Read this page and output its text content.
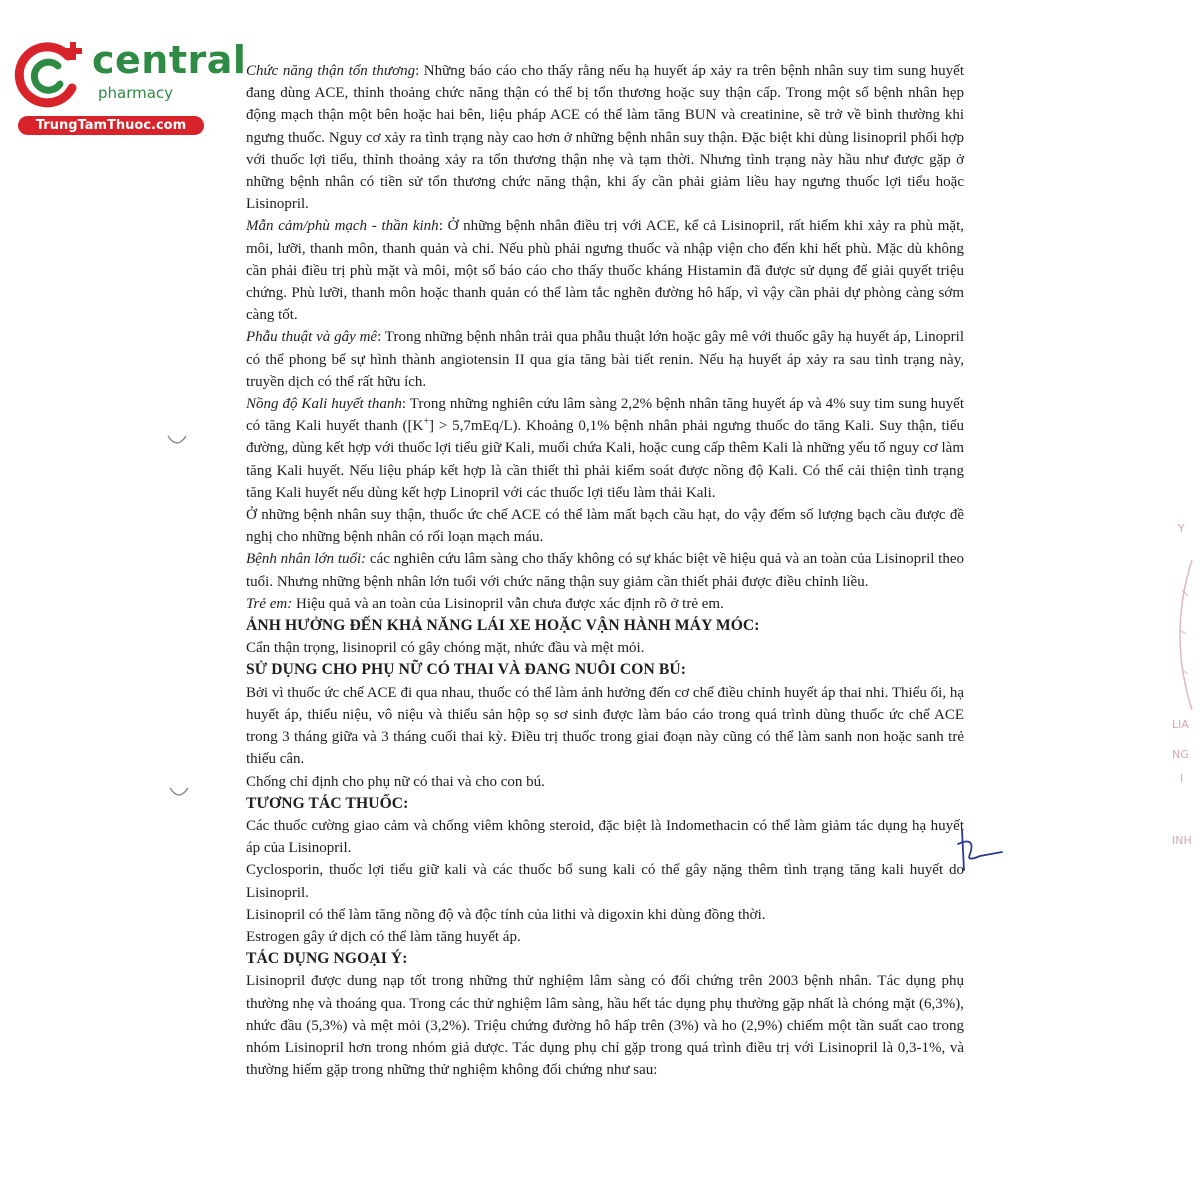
central
pharmacy
TrungTamThuoc.com

Chức năng thận tổn thương: Những báo cáo cho thấy rằng nếu hạ huyết áp xảy ra trên bệnh nhân suy tim sung huyết đang dùng ACE, thỉnh thoảng chức năng thận có thể bị tổn thương hoặc suy thận cấp. Trong một số bệnh nhân hẹp động mạch thận một bên hoặc hai bên, liệu pháp ACE có thể làm tăng BUN và creatinine, sẽ trở về bình thường khi ngưng thuốc. Nguy cơ xảy ra tình trạng này cao hơn ở những bệnh nhân suy thận. Đặc biệt khi dùng lisinopril phối hợp với thuốc lợi tiểu, thỉnh thoảng xảy ra tổn thương thận nhẹ và tạm thời. Nhưng tình trạng này hầu như được gặp ở những bệnh nhân có tiền sử tổn thương chức năng thận, khi ấy cần phải giảm liều hay ngưng thuốc lợi tiểu hoặc Lisinopril.

Mẫn cảm/phù mạch - thần kinh: Ở những bệnh nhân điều trị với ACE, kể cả Lisinopril, rất hiếm khi xảy ra phù mặt, môi, lưỡi, thanh môn, thanh quản và chi. Nếu phù phải ngưng thuốc và nhập viện cho đến khi hết phù. Mặc dù không cần phải điều trị phù mặt và môi, một số báo cáo cho thấy thuốc kháng Histamin đã được sử dụng để giải quyết triệu chứng. Phù lưỡi, thanh môn hoặc thanh quản có thể làm tắc nghẽn đường hô hấp, vì vậy cần phải dự phòng càng sớm càng tốt.

Phẫu thuật và gây mê: Trong những bệnh nhân trải qua phẫu thuật lớn hoặc gây mê với thuốc gây hạ huyết áp, Linopril có thể phong bế sự hình thành angiotensin II qua gia tăng bài tiết renin. Nếu hạ huyết áp xảy ra sau tình trạng này, truyền dịch có thể rất hữu ích.

Nồng độ Kali huyết thanh: Trong những nghiên cứu lâm sàng 2,2% bệnh nhân tăng huyết áp và 4% suy tim sung huyết có tăng Kali huyết thanh ([K+] > 5,7mEq/L). Khoảng 0,1% bệnh nhân phải ngưng thuốc do tăng Kali. Suy thận, tiểu đường, dùng kết hợp với thuốc lợi tiểu giữ Kali, muối chứa Kali, hoặc cung cấp thêm Kali là những yếu tố nguy cơ làm tăng Kali huyết. Nếu liệu pháp kết hợp là cần thiết thì phải kiểm soát được nồng độ Kali. Có thể cải thiện tình trạng tăng Kali huyết nếu dùng kết hợp Linopril với các thuốc lợi tiểu làm thải Kali.

Ở những bệnh nhân suy thận, thuốc ức chế ACE có thể làm mất bạch cầu hạt, do vậy đếm số lượng bạch cầu được đề nghị cho những bệnh nhân có rối loạn mạch máu.

Bệnh nhân lớn tuổi: các nghiên cứu lâm sàng cho thấy không có sự khác biệt về hiệu quả và an toàn của Lisinopril theo tuổi. Nhưng những bệnh nhân lớn tuổi với chức năng thận suy giảm cần thiết phải được điều chỉnh liều.

Trẻ em: Hiệu quả và an toàn của Lisinopril vẫn chưa được xác định rõ ở trẻ em.

ẢNH HƯỞNG ĐẾN KHẢ NĂNG LÁI XE HOẶC VẬN HÀNH MÁY MÓC:

Cẩn thận trọng, lisinopril có gây chóng mặt, nhức đầu và mệt mỏi.

SỬ DỤNG CHO PHỤ NỮ CÓ THAI VÀ ĐANG NUÔI CON BÚ:

Bởi vì thuốc ức chế ACE đi qua nhau, thuốc có thể làm ảnh hưởng đến cơ chế điều chỉnh huyết áp thai nhi. Thiểu ối, hạ huyết áp, thiểu niệu, vô niệu và thiểu sản hộp sọ sơ sinh được làm báo cáo trong quá trình dùng thuốc ức chế ACE trong 3 tháng giữa và 3 tháng cuối thai kỳ. Điều trị thuốc trong giai đoạn này cũng có thể làm sanh non hoặc sanh trẻ thiếu cân.

Chống chỉ định cho phụ nữ có thai và cho con bú.

TƯƠNG TÁC THUỐC:

Các thuốc cường giao cảm và chống viêm không steroid, đặc biệt là Indomethacin có thể làm giảm tác dụng hạ huyết áp của Lisinopril.

Cyclosporin, thuốc lợi tiểu giữ kali và các thuốc bổ sung kali có thể gây nặng thêm tình trạng tăng kali huyết do Lisinopril.

Lisinopril có thể làm tăng nồng độ và độc tính của lithi và digoxin khi dùng đồng thời.

Estrogen gây ứ dịch có thể làm tăng huyết áp.

TÁC DỤNG NGOẠI Ý:

Lisinopril được dung nạp tốt trong những thử nghiệm lâm sàng có đối chứng trên 2003 bệnh nhân. Tác dụng phụ thường nhẹ và thoáng qua. Trong các thử nghiệm lâm sàng, hầu hết tác dụng phụ thường gặp nhất là chóng mặt (6,3%), nhức đầu (5,3%) và mệt mỏi (3,2%). Triệu chứng đường hô hấp trên (3%) và ho (2,9%) chiếm một tần suất cao trong nhóm Lisinopril hơn trong nhóm giả dược. Tác dụng phụ chỉ gặp trong quá trình điều trị với Lisinopril là 0,3-1%, và thường hiếm gặp trong những thử nghiệm không đối chứng như sau:

Y
LIA
NG
I
INH
